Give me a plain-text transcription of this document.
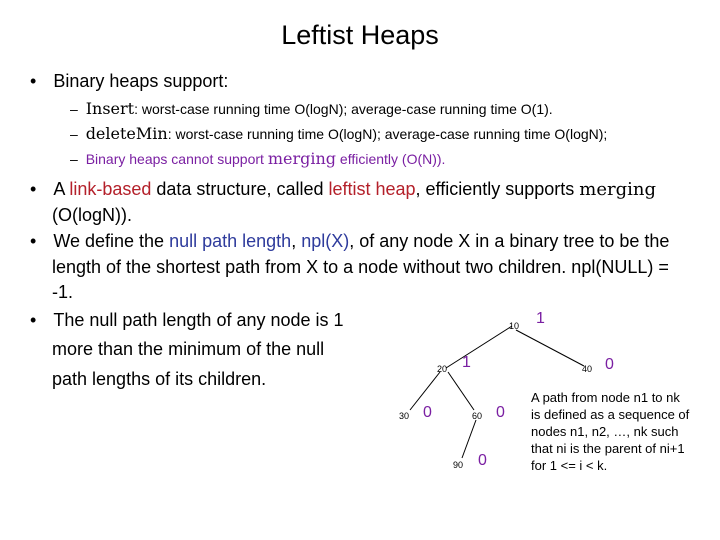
Leftist Heaps
• Binary heaps support:
– Insert: worst-case running time O(logN); average-case running time O(1).
– deleteMin: worst-case running time O(logN); average-case running time O(logN);
– Binary heaps cannot support merging efficiently (O(N)).
• A link-based data structure, called leftist heap, efficiently supports merging
(O(logN)).
• We define the null path length, npl(X), of any node X in a binary tree to be the
length of the shortest path from X to a node without two children. npl(NULL) =
-1.
• The null path length of any node is 1
more than the minimum of the null
path lengths of its children.
10 1
20 1	40 0
30 0	60 0
90 0
A path from node n1 to nk
is defined as a sequence of
nodes n1, n2, …, nk such
that ni is the parent of ni+1
for 1 <= i < k.
